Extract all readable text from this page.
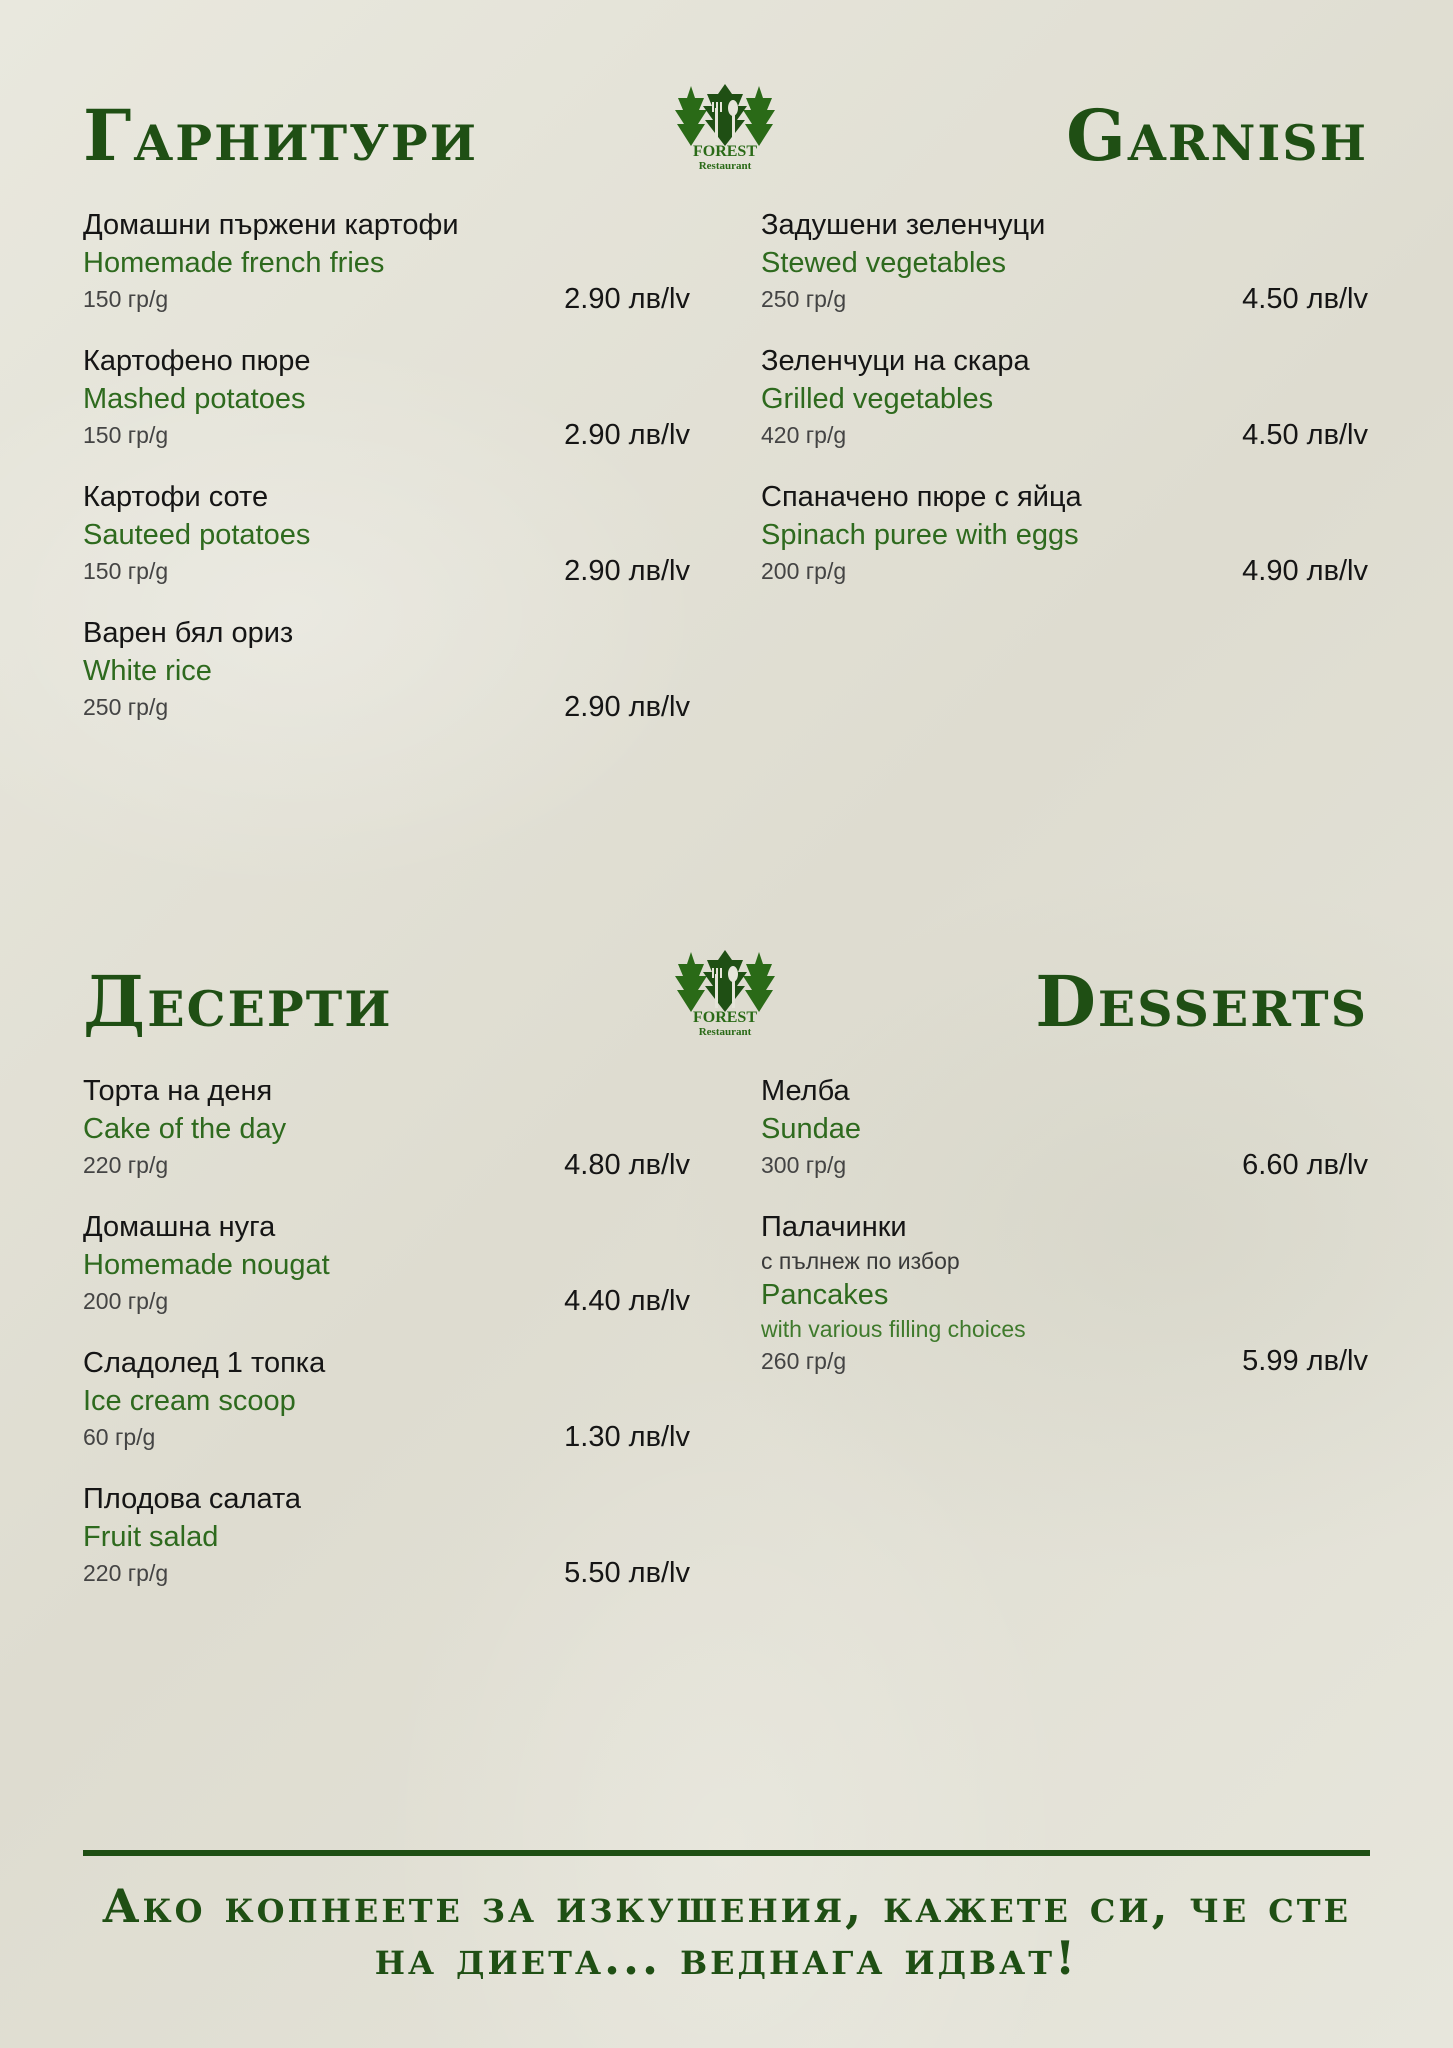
Гарнитури	FOREST
Restaurant	Garnish
Домашни пържени картофи
Homemade french fries
150 гр/g	2.90 лв/lv
Картофено пюре
Mashed potatoes
150 гр/g	2.90 лв/lv
Картофи соте
Sauteed potatoes
150 гр/g	2.90 лв/lv
Варен бял ориз
White rice
250 гр/g	2.90 лв/lv
Задушени зеленчуци
Stewed vegetables
250 гр/g	4.50 лв/lv
Зеленчуци на скара
Grilled vegetables
420 гр/g	4.50 лв/lv
Спаначено пюре с яйца
Spinach puree with eggs
200 гр/g	4.90 лв/lv
Десерти	FOREST
Restaurant	Desserts
Торта на деня
Cake of the day
220 гр/g	4.80 лв/lv
Домашна нуга
Homemade nougat
200 гр/g	4.40 лв/lv
Сладолед 1 топка
Ice cream scoop
60 гр/g	1.30 лв/lv
Плодова салата
Fruit salad
220 гр/g	5.50 лв/lv
Мелба
Sundae
300 гр/g	6.60 лв/lv
Палачинки
с пълнеж по избор
Pancakes
with various filling choices
260 гр/g	5.99 лв/lv
Ако копнеете за изкушения, кажете си, че сте на диета... веднага идват!
